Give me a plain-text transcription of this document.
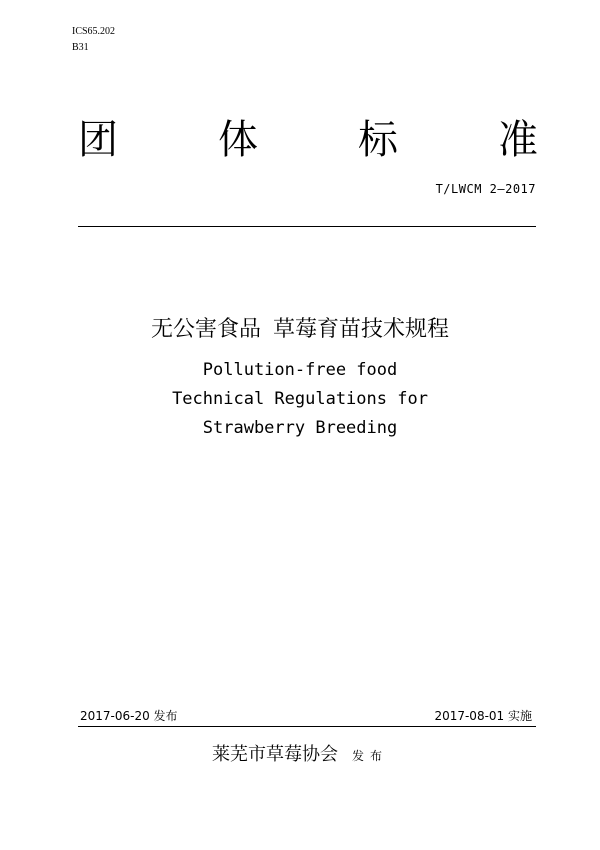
ICS65.202
B31
团	体	标	准
T/LWCM 2—2017
无公害食品 草莓育苗技术规程
Pollution-free food
Technical Regulations for
Strawberry Breeding
2017-06-20 发布	2017-08-01 实施
莱芜市草莓协会 发布
